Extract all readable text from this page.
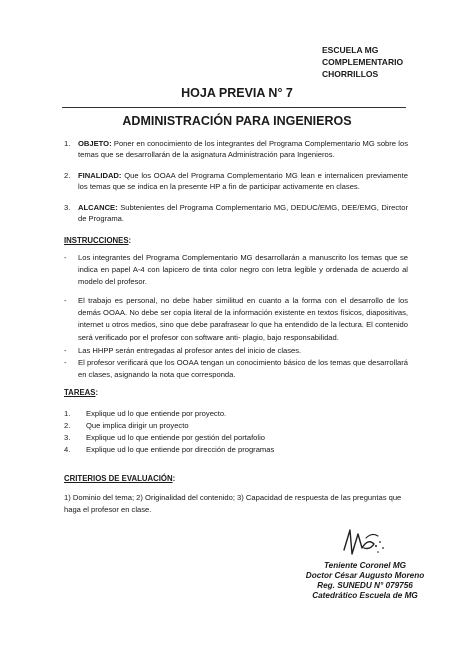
ESCUELA MG
COMPLEMENTARIO
CHORRILLOS
HOJA PREVIA N° 7
ADMINISTRACIÓN PARA INGENIEROS
1. OBJETO: Poner en conocimiento de los integrantes del Programa Complementario MG sobre los temas que se desarrollarán de la asignatura Administración para Ingenieros.
2. FINALIDAD: Que los OOAA del Programa Complementario MG lean e internalicen previamente los temas que se indica en la presente HP a fin de participar activamente en clases.
3. ALCANCE: Subtenientes del Programa Complementario MG, DEDUC/EMG, DEE/EMG, Director de Programa.
INSTRUCCIONES:
- Los integrantes del Programa Complementario MG desarrollarán a manuscrito los temas que se indica en papel A-4 con lapicero de tinta color negro con letra legible y ordenada de acuerdo al modelo del profesor.
- El trabajo es personal, no debe haber similitud en cuanto a la forma con el desarrollo de los demás OOAA. No debe ser copia literal de la información existente en textos físicos, diapositivas, internet u otros medios, sino que debe parafrasear lo que ha entendido de la lectura. El contenido será verificado por el profesor con software anti- plagio, bajo responsabilidad.
- Las HHPP serán entregadas al profesor antes del inicio de clases.
- El profesor verificará que los OOAA tengan un conocimiento básico de los temas que desarrollará en clases, asignando la nota que corresponda.
TAREAS:
1. Explique ud lo que entiende por proyecto.
2. Que implica dirigir un proyecto
3. Explique ud lo que entiende por gestión del portafolio
4. Explique ud lo que entiende por dirección de programas
CRITERIOS DE EVALUACIÓN:
1) Dominio del tema; 2) Originalidad del contenido; 3) Capacidad de respuesta de las preguntas que haga el profesor en clase.
Teniente Coronel MG
Doctor César Augusto Moreno
Reg. SUNEDU N° 079756
Catedrático Escuela de MG
